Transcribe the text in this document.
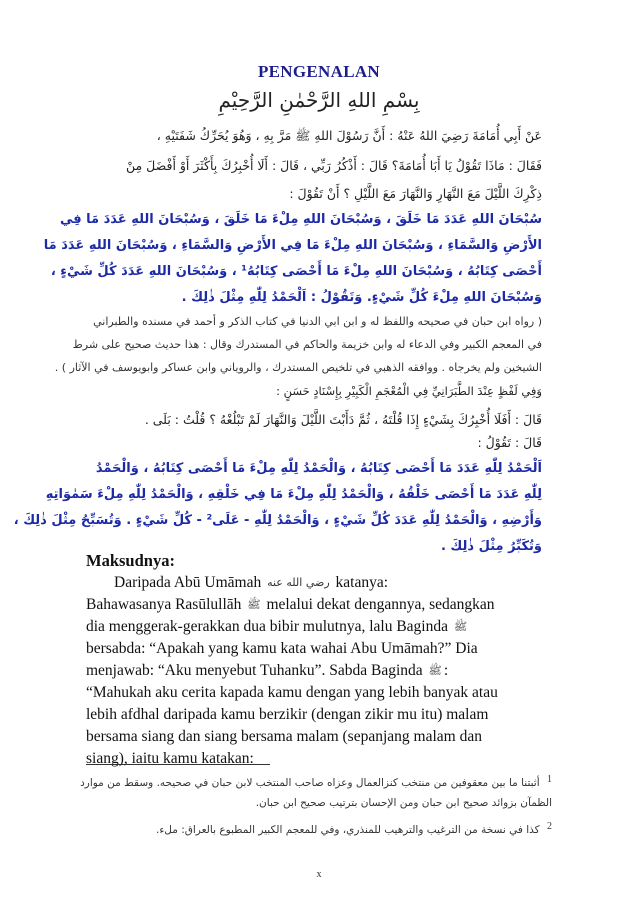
PENGENALAN
بِسْمِ اللهِ الرَّحْمٰنِ الرَّحِيْمِ
عَنْ أَبِي أُمَامَةَ رَضِيَ اللهُ عَنْهُ : أَنَّ رَسُوْلَ اللهِ ﷺ مَرَّ بِهِ ، وَهُوَ يُحَرِّكُ شَفَتَيْهِ ،
فَقَالَ : مَاذَا تَقُوْلُ يَا أَبَا أُمَامَةَ؟ قَالَ : أَذْكُرُ رَبِّي ، قَالَ : أَلَا أُخْبِرُكَ بِأَكْثَرَ أَوْ أَفْضَلَ مِنْ
ذِكْرِكَ اللَّيْلَ مَعَ النَّهَارِ وَالنَّهَارَ مَعَ اللَّيْلِ ؟ أَنْ تَقُوْلَ :
سُبْحَانَ اللهِ عَدَدَ مَا خَلَقَ ، وَسُبْحَانَ اللهِ مِلْءَ مَا خَلَقَ ، وَسُبْحَانَ اللهِ عَدَدَ مَا فِي
الأَرْضِ وَالسَّمَاءِ ، وَسُبْحَانَ اللهِ مِلْءَ مَا فِي الأَرْضِ وَالسَّمَاءِ ، وَسُبْحَانَ اللهِ عَدَدَ مَا
أَحْصَى كِتَابُهُ ، وَسُبْحَانَ اللهِ مِلْءَ مَا أَحْصَى كِتَابُهُ¹ ، وَسُبْحَانَ اللهِ عَدَدَ كُلِّ شَيْءٍ ،
وَسُبْحَانَ اللهِ مِلْءَ كُلِّ شَيْءٍ. وَتَقُوْلُ : اَلْحَمْدُ لِلّٰهِ مِثْلَ ذٰلِكَ .
( رواه ابن حبان في صحيحه واللفظ له و ابن ابي الدنيا في كتاب الذكر و أحمد في مسنده والطبراني
في المعجم الكبير وفي الدعاء له وابن خزيمة والحاكم في المستدرك وقال : هذا حديث صحيح على شرط
الشيخين ولم يخرجاه . ووافقه الذهبي في تلخيص المستدرك ، والروياني وابن عساكر وابويوسف في الآثار ) .
وَفِي لَفْظٍ عِنْدَ الطَّبَرَانِيِّ فِي الْمُعْجَمِ الْكَبِيْرِ بِإِسْنَادٍ حَسَنٍ :
قَالَ : أَفَلَا أُخْبِرُكَ بِشَيْءٍ إِذَا قُلْتَهُ ، ثُمَّ دَأَبْتَ اللَّيْلَ وَالنَّهَارَ لَمْ تَبْلُغْهُ ؟ قُلْتُ : بَلَى .
قَالَ : تَقُوْلُ :
اَلْحَمْدُ لِلّٰهِ عَدَدَ مَا أَحْصَى كِتَابُهُ ، وَالْحَمْدُ لِلّٰهِ مِلْءَ مَا أَحْصَى كِتَابُهُ ، وَالْحَمْدُ
لِلّٰهِ عَدَدَ مَا أَحْصَى خَلْقُهُ ، وَالْحَمْدُ لِلّٰهِ مِلْءَ مَا فِي خَلْقِهِ ، وَالْحَمْدُ لِلّٰهِ مِلْءَ سَمٰوَاتِهِ
وَأَرْضِهِ ، وَالْحَمْدُ لِلّٰهِ عَدَدَ كُلِّ شَيْءٍ ، وَالْحَمْدُ لِلّٰهِ - عَلَى² - كُلِّ شَيْءٍ . وَتُسَبِّحُ مِثْلَ ذٰلِكَ ،
وَتُكَبِّرُ مِثْلَ ذٰلِكَ .
Maksudnya:
Daripada Abū Umāmah رضي الله عنه katanya:
Bahawasanya Rasūlullāh ﷺ melalui dekat dengannya, sedangkan
dia menggerak-gerakkan dua bibir mulutnya, lalu Baginda ﷺ
bersabda: “Apakah yang kamu kata wahai Abu Umāmah?” Dia
menjawab: “Aku menyebut Tuhanku”. Sabda Baginda ﷺ :
“Mahukah aku cerita kapada kamu dengan yang lebih banyak atau
lebih afdhal daripada kamu berzikir (dengan zikir mu itu) malam
bersama siang dan siang bersama malam (sepanjang malam dan
siang), iaitu kamu katakan:
1 أثبتنا ما بين معقوفين من منتخب كنزالعمال وعزاه صاحب المنتخب لابن حبان في صحيحه. وسقط من موارد
الظمآن بزوائد صحيح ابن حبان ومن الإحسان بترتيب صحيح ابن حبان.
2 كذا في نسخة من الترغيب والترهيب للمنذري، وفي للمعجم الكبير المطبوع بالعراق: ملء.
x
